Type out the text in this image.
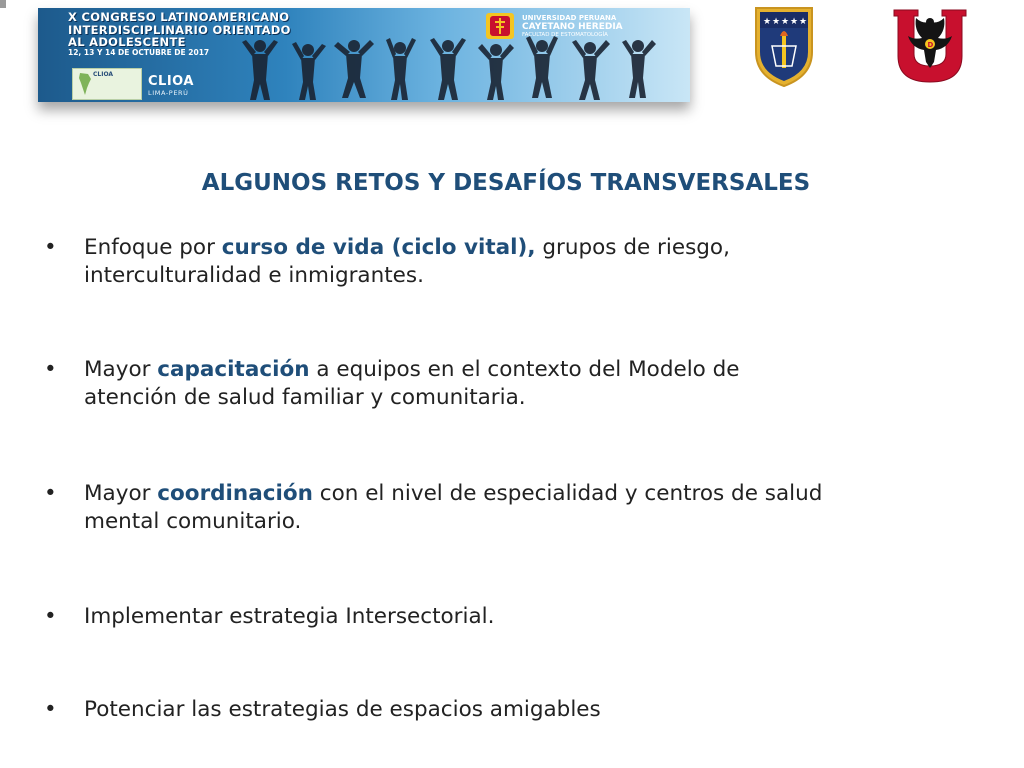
X CONGRESO LATINOAMERICANO
INTERDISCIPLINARIO ORIENTADO
AL ADOLESCENTE
12, 13 Y 14 DE OCTUBRE DE 2017
CLIOA	CLIOA
LIMA-PERÚ
UNIVERSIDAD PERUANA
CAYETANO HEREDIA
FACULTAD DE ESTOMATOLOGÍA
★ ★ ★ ★ ★
D
ALGUNOS RETOS Y DESAFÍOS TRANSVERSALES
•	Enfoque por curso de vida (ciclo vital), grupos de riesgo,
interculturalidad e inmigrantes.
•	Mayor capacitación a equipos en el contexto del Modelo de
atención de salud familiar y comunitaria.
•	Mayor coordinación con el nivel de especialidad y centros de salud
mental comunitario.
•	Implementar estrategia Intersectorial.
•	Potenciar las estrategias de espacios amigables
